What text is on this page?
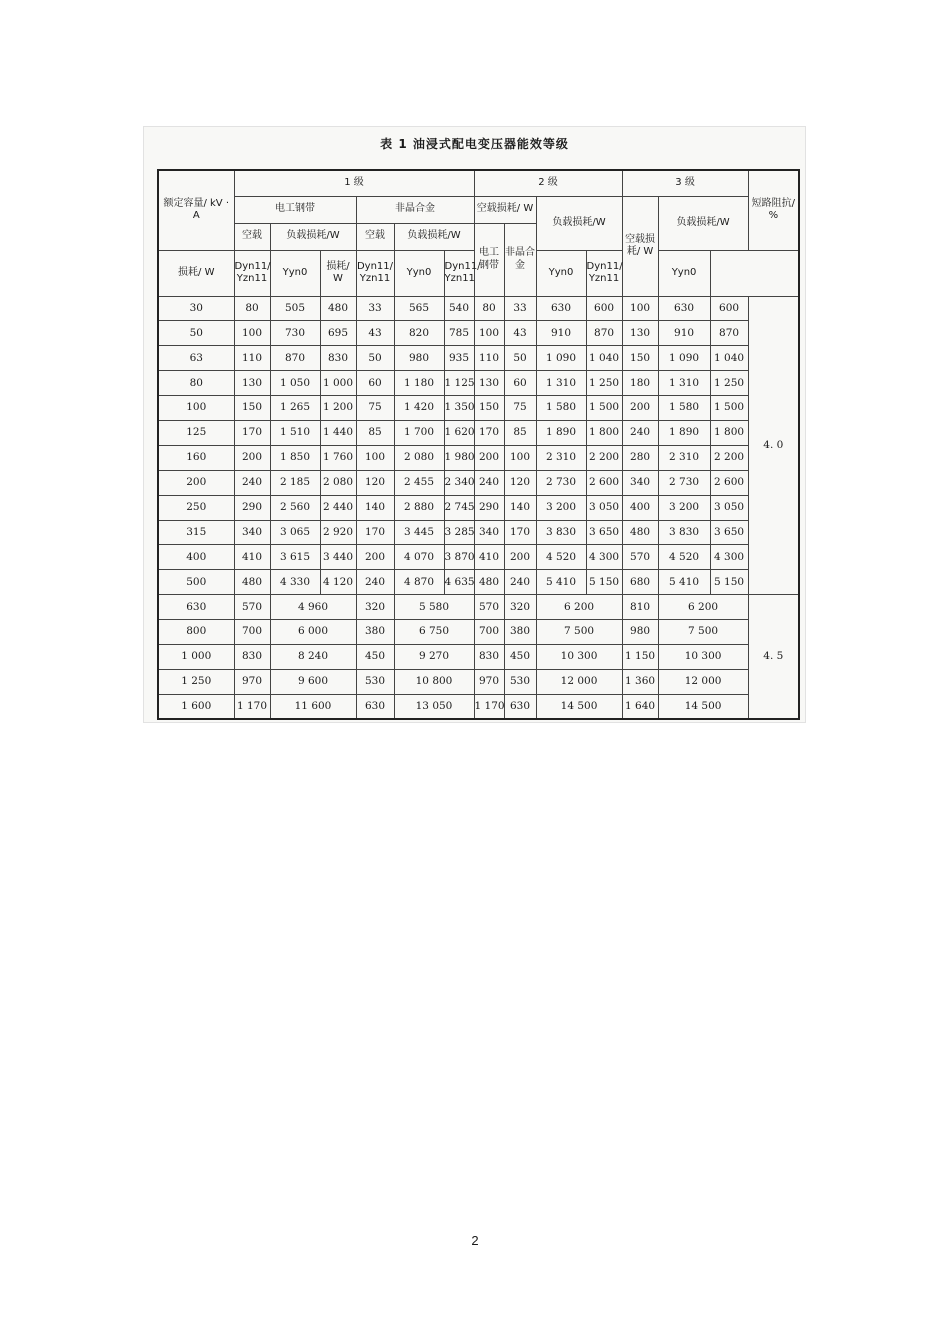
表 1 油浸式配电变压器能效等级
额定容量/ kV · A	1 级						2 级				3 级			短路阻抗/ %
	电工钢带			非晶合金			空载损耗/ W		负载损耗/W		空载损耗/ W	负载损耗/W		
	空载	负载损耗/W		空载	负载损耗/W		电工钢带	非晶合金						
损耗/ W	Dyn11/ Yzn11	Yyn0	损耗/ W	Dyn11/ Yzn11	Yyn0	Dyn11/ Yzn11			Yyn0	Dyn11/ Yzn11		Yyn0		
30	80	505	480	33	565	540	80	33	630	600	100	630	600	4. 0
50	100	730	695	43	820	785	100	43	910	870	130	910	870	
63	110	870	830	50	980	935	110	50	1 090	1 040	150	1 090	1 040	
80	130	1 050	1 000	60	1 180	1 125	130	60	1 310	1 250	180	1 310	1 250	
100	150	1 265	1 200	75	1 420	1 350	150	75	1 580	1 500	200	1 580	1 500	
125	170	1 510	1 440	85	1 700	1 620	170	85	1 890	1 800	240	1 890	1 800	
160	200	1 850	1 760	100	2 080	1 980	200	100	2 310	2 200	280	2 310	2 200	
200	240	2 185	2 080	120	2 455	2 340	240	120	2 730	2 600	340	2 730	2 600	
250	290	2 560	2 440	140	2 880	2 745	290	140	3 200	3 050	400	3 200	3 050	
315	340	3 065	2 920	170	3 445	3 285	340	170	3 830	3 650	480	3 830	3 650	
400	410	3 615	3 440	200	4 070	3 870	410	200	4 520	4 300	570	4 520	4 300	
500	480	4 330	4 120	240	4 870	4 635	480	240	5 410	5 150	680	5 410	5 150	
630	570	4 960		320	5 580		570	320	6 200		810	6 200		4. 5
800	700	6 000		380	6 750		700	380	7 500		980	7 500		
1 000	830	8 240		450	9 270		830	450	10 300		1 150	10 300		
1 250	970	9 600		530	10 800		970	530	12 000		1 360	12 000		
1 600	1 170	11 600		630	13 050		1 170	630	14 500		1 640	14 500		
2
